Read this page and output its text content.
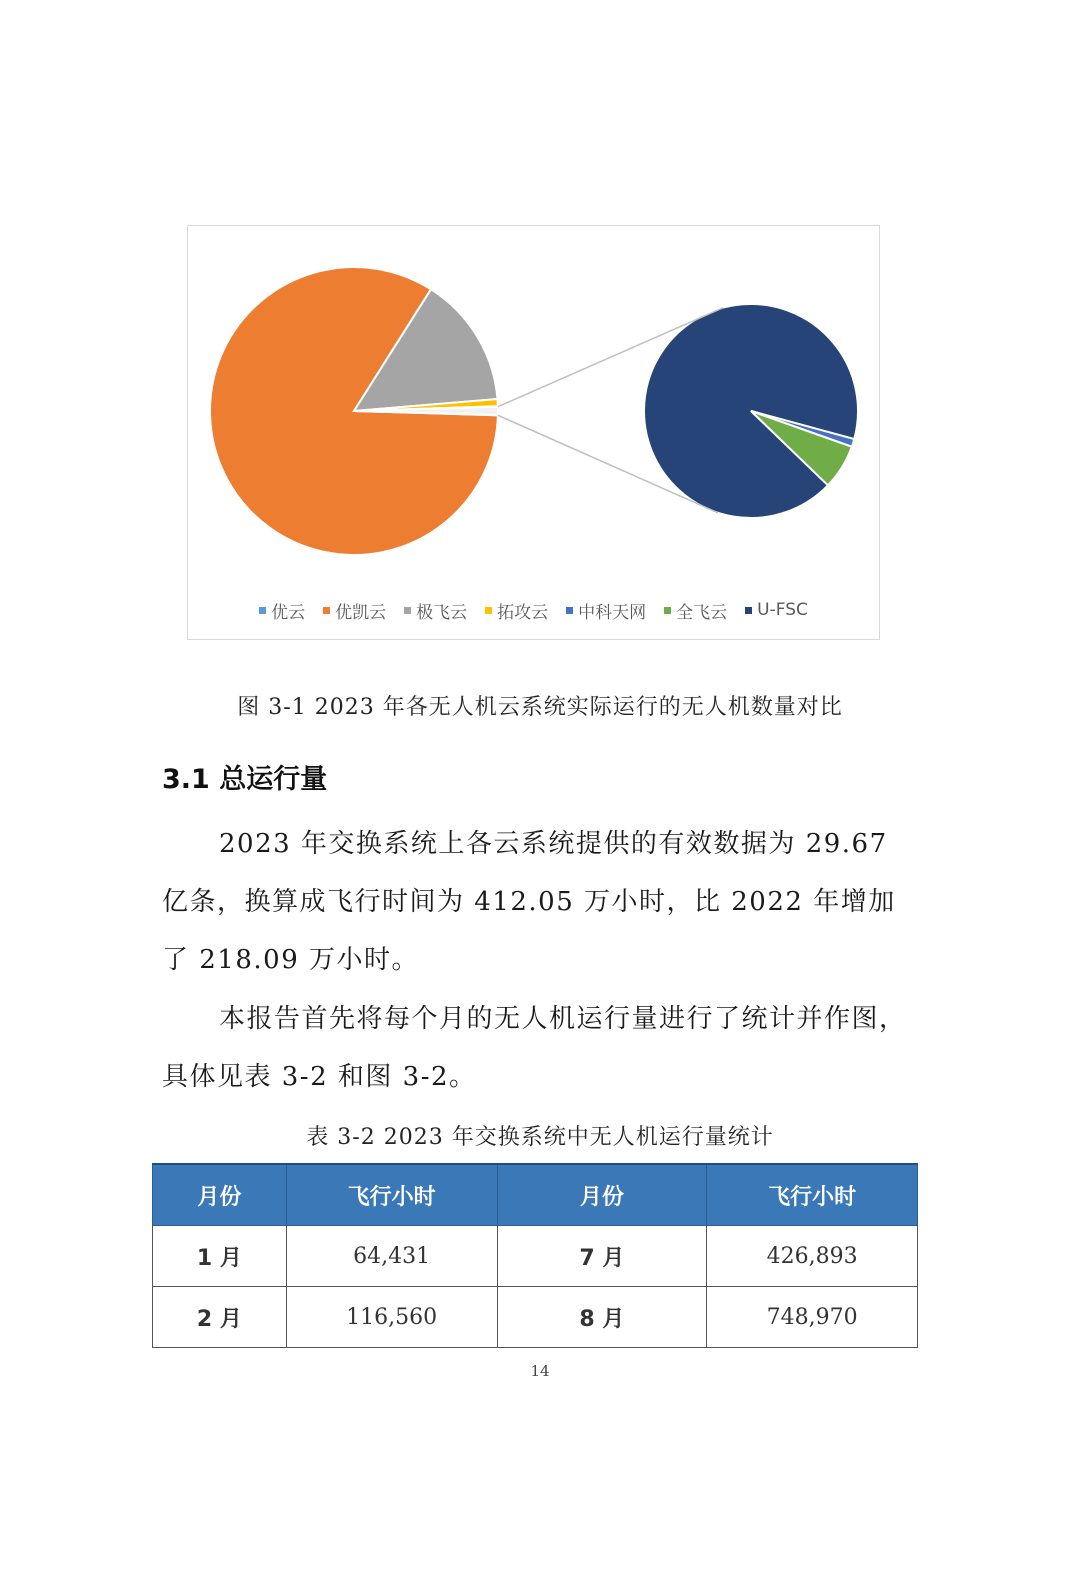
优云 优凯云 极飞云 拓攻云 中科天网 全飞云 U-FSC
图 3-1 2023 年各无人机云系统实际运行的无人机数量对比
3.1 总运行量

2023 年交换系统上各云系统提供的有效数据为 29.67 亿条，换算成飞行时间为 412.05 万小时，比 2022 年增加了 218.09 万小时。

本报告首先将每个月的无人机运行量进行了统计并作图，具体见表 3-2 和图 3-2。

表 3-2 2023 年交换系统中无人机运行量统计
月份	飞行小时	月份	飞行小时
1 月	64,431	7 月	426,893
2 月	116,560	8 月	748,970
14
